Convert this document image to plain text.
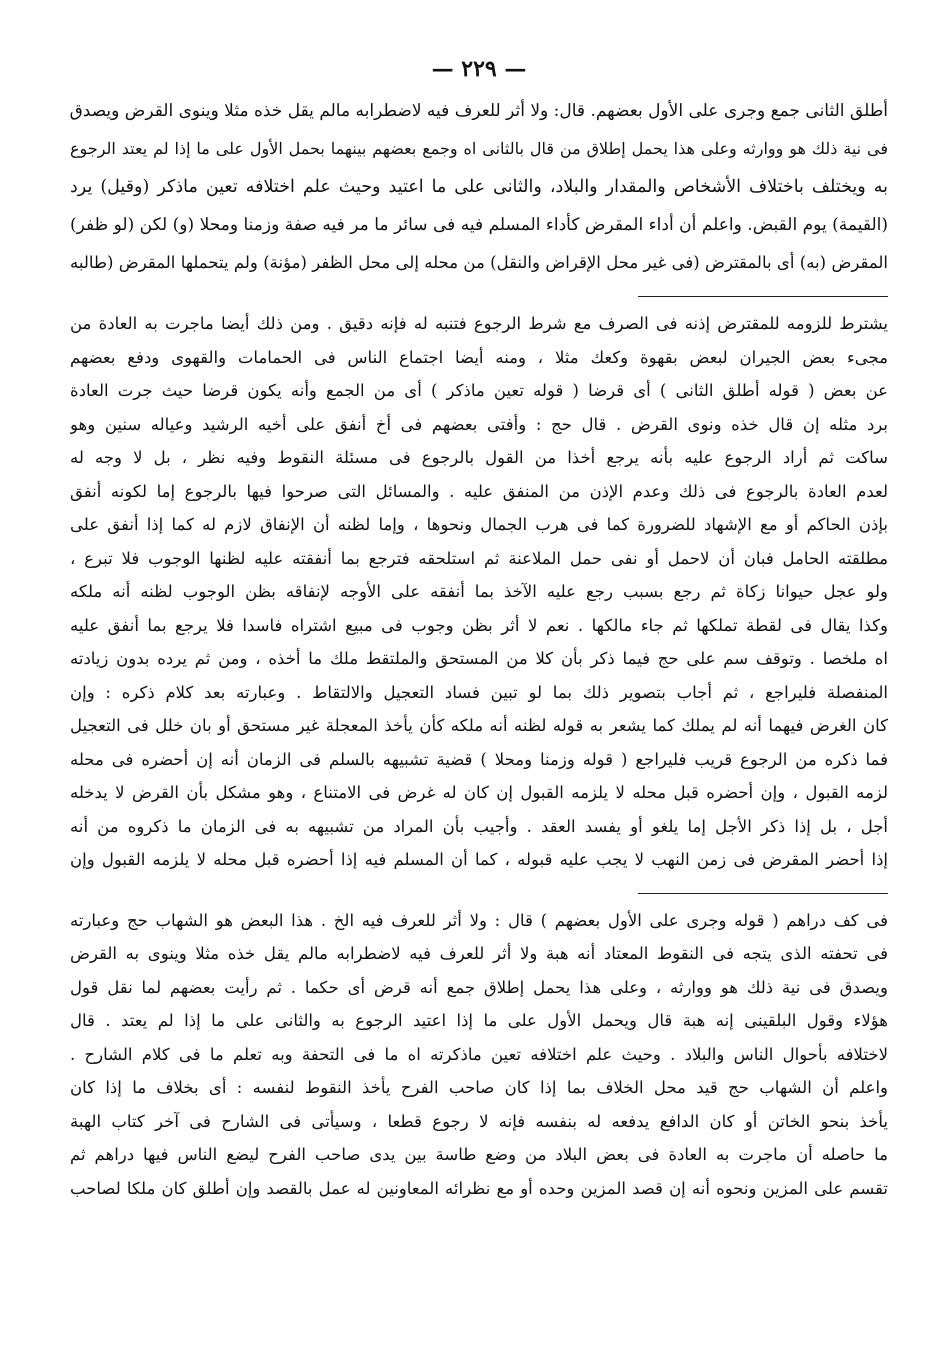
— ٢٢٩ —
أطلق الثانى جمع وجرى على الأول بعضهم. قال: ولا أثر للعرف فيه لاضطرابه مالم يقل خذه مثلا وينوى القرض ويصدق
فى نية ذلك هو ووارثه وعلى هذا يحمل إطلاق من قال بالثانى اه وجمع بعضهم بينهما بحمل الأول على ما إذا لم يعتد الرجوع
به ويختلف باختلاف الأشخاص والمقدار والبلاد، والثانى على ما اعتيد وحيث علم اختلافه تعين ماذكر (وقيل) يرد
(القيمة) يوم القبض. واعلم أن أداء المقرض كأداء المسلم فيه فى سائر ما مر فيه صفة وزمنا ومحلا (و) لكن (لو ظفر)
المقرض (به) أى بالمقترض (فى غير محل الإقراض والنقل) من محله إلى محل الظفر (مؤنة) ولم يتحملها المقرض (طالبه
يشترط للزومه للمقترض إذنه فى الصرف مع شرط الرجوع فتنبه له فإنه دقيق . ومن ذلك أيضا ماجرت به العادة من
مجىء بعض الجيران لبعض بقهوة وكعك مثلا ، ومنه أيضا اجتماع الناس فى الحمامات والقهوى ودفع بعضهم
عن بعض ( قوله أطلق الثانى ) أى قرضا ( قوله تعين ماذكر ) أى من الجمع وأنه يكون قرضا حيث جرت العادة
برد مثله إن قال خذه ونوى القرض . قال حج : وأفتى بعضهم فى أخ أنفق على أخيه الرشيد وعياله سنين وهو
ساكت ثم أراد الرجوع عليه بأنه يرجع أخذا من القول بالرجوع فى مسئلة النقوط وفيه نظر ، بل لا وجه له
لعدم العادة بالرجوع فى ذلك وعدم الإذن من المنفق عليه . والمسائل التى صرحوا فيها بالرجوع إما لكونه أنفق
بإذن الحاكم أو مع الإشهاد للضرورة كما فى هرب الجمال ونحوها ، وإما لظنه أن الإنفاق لازم له كما إذا أنفق على
مطلقته الحامل فبان أن لاحمل أو نفى حمل الملاعنة ثم استلحقه فترجع بما أنفقته عليه لظنها الوجوب فلا تبرع ،
ولو عجل حيوانا زكاة ثم رجع بسبب رجع عليه الآخذ بما أنفقه على الأوجه لإنفاقه بظن الوجوب لظنه أنه ملكه
وكذا يقال فى لقطة تملكها ثم جاء مالكها . نعم لا أثر بظن وجوب فى مبيع اشتراه فاسدا فلا يرجع بما أنفق عليه
اه ملخصا . وتوقف سم على حج فيما ذكر بأن كلا من المستحق والملتقط ملك ما أخذه ، ومن ثم يرده بدون زيادته
المنفصلة فليراجع ، ثم أجاب بتصوير ذلك بما لو تبين فساد التعجيل والالتقاط . وعبارته بعد كلام ذكره : وإن
كان الغرض فيهما أنه لم يملك كما يشعر به قوله لظنه أنه ملكه كأن يأخذ المعجلة غير مستحق أو بان خلل فى التعجيل
فما ذكره من الرجوع قريب فليراجع ( قوله وزمنا ومحلا ) قضية تشبيهه بالسلم فى الزمان أنه إن أحضره فى محله
لزمه القبول ، وإن أحضره قبل محله لا يلزمه القبول إن كان له غرض فى الامتناع ، وهو مشكل بأن القرض لا يدخله
أجل ، بل إذا ذكر الأجل إما يلغو أو يفسد العقد . وأجيب بأن المراد من تشبيهه به فى الزمان ما ذكروه من أنه
إذا أحضر المقرض فى زمن النهب لا يجب عليه قبوله ، كما أن المسلم فيه إذا أحضره قبل محله لا يلزمه القبول وإن
فى كف دراهم ( قوله وجرى على الأول بعضهم ) قال : ولا أثر للعرف فيه الخ . هذا البعض هو الشهاب حج وعبارته
فى تحفته الذى يتجه فى النقوط المعتاد أنه هبة ولا أثر للعرف فيه لاضطرابه مالم يقل خذه مثلا وينوى به القرض
ويصدق فى نية ذلك هو ووارثه ، وعلى هذا يحمل إطلاق جمع أنه قرض أى حكما . ثم رأيت بعضهم لما نقل قول
هؤلاء وقول البلقينى إنه هبة قال ويحمل الأول على ما إذا اعتيد الرجوع به والثانى على ما إذا لم يعتد . قال
لاختلافه بأحوال الناس والبلاد . وحيث علم اختلافه تعين ماذكرته اه ما فى التحفة وبه تعلم ما فى كلام الشارح .
واعلم أن الشهاب حج قيد محل الخلاف بما إذا كان صاحب الفرح يأخذ النقوط لنفسه : أى بخلاف ما إذا كان
يأخذ بنحو الخاتن أو كان الدافع يدفعه له بنفسه فإنه لا رجوع قطعا ، وسيأتى فى الشارح فى آخر كتاب الهبة
ما حاصله أن ماجرت به العادة فى بعض البلاد من وضع طاسة بين يدى صاحب الفرح ليضع الناس فيها دراهم ثم
تقسم على المزين ونحوه أنه إن قصد المزين وحده أو مع نظرائه المعاونين له عمل بالقصد وإن أطلق كان ملكا لصاحب
